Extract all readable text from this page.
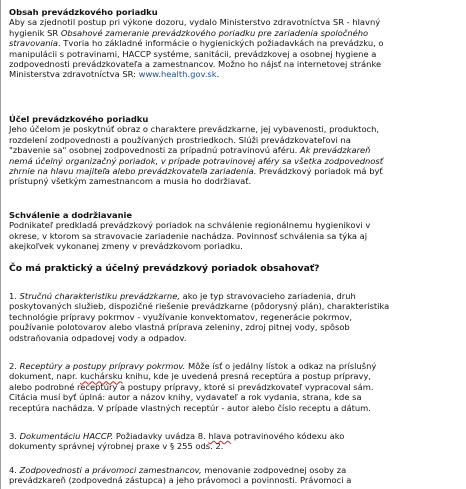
Obsah prevádzkového poriadku
Aby sa zjednotil postup pri výkone dozoru, vydalo Ministerstvo zdravotníctva SR - hlavný
hygienik SR Obsahové zameranie prevádzkového poriadku pre zariadenia spoločného
stravovania. Tvoria ho základné informácie o hygienických požiadavkách na prevádzku, o
manipulácii s potravinami, HACCP systéme, sanitácii, prevádzkovej a osobnej hygiene a
zodpovednosti prevádzkovateľa a zamestnancov. Možno ho nájsť na internetovej stránke
Ministerstva zdravotníctva SR: www.health.gov.sk.
Účel prevádzkového poriadku
Jeho účelom je poskytnúť obraz o charaktere prevádzkarne, jej vybavenosti, produktoch,
rozdelení zodpovednosti a používaných prostriedkoch. Slúži prevádzkovateľovi na
"zbavenie sa" osobnej zodpovednosti za prípadnú potravinovú aféru. Ak prevádzkareň
nemá účelný organizačný poriadok, v prípade potravinovej aféry sa všetka zodpovednosť
zhrnie na hlavu majiteľa alebo prevádzkovateľa zariadenia. Prevádzkový poriadok má byť
prístupný všetkým zamestnancom a musia ho dodržiavať.
Schválenie a dodržiavanie
Podnikateľ predkladá prevádzkový poriadok na schválenie regionálnemu hygienikovi v
okrese, v ktorom sa stravovacie zariadenie nachádza. Povinnosť schválenia sa týka aj
akejkoľvek vykonanej zmeny v prevádzkovom poriadku.
Čo má praktický a účelný prevádzkový poriadok obsahovať?
1. Stručnú charakteristiku prevádzkarne, ako je typ stravovacieho zariadenia, druh
poskytovaných služieb, dispozičné riešenie prevádzkarne (pôdorysný plán), charakteristika
technológie prípravy pokrmov - využívanie konvektomatov, regenerácie pokrmov,
používanie polotovarov alebo vlastná príprava zeleniny, zdroj pitnej vody, spôsob
odstraňovania odpadovej vody a odpadov.
2. Receptúry a postupy prípravy pokrmov. Môže ísť o jedálny lístok a odkaz na príslušný
dokument, napr. kuchársku knihu, kde je uvedená presná receptúra a postup prípravy,
alebo podrobné receptúry a postupy prípravy, ktoré si prevádzkovateľ vypracoval sám.
Citácia musí byť úplná: autor a názov knihy, vydavateľ a rok vydania, strana, kde sa
receptúra nachádza. V prípade vlastných receptúr - autor alebo číslo receptu a dátum.
3. Dokumentáciu HACCP. Požiadavky uvádza 8. hlava potravinového kódexu ako
dokumenty správnej výrobnej praxe v § 255 ods. 2.
4. Zodpovednosti a právomoci zamestnancov, menovanie zodpovednej osoby za
prevádzkareň (zodpovedná zástupca) a jeho právomoci a povinnosti. Právomoci a
